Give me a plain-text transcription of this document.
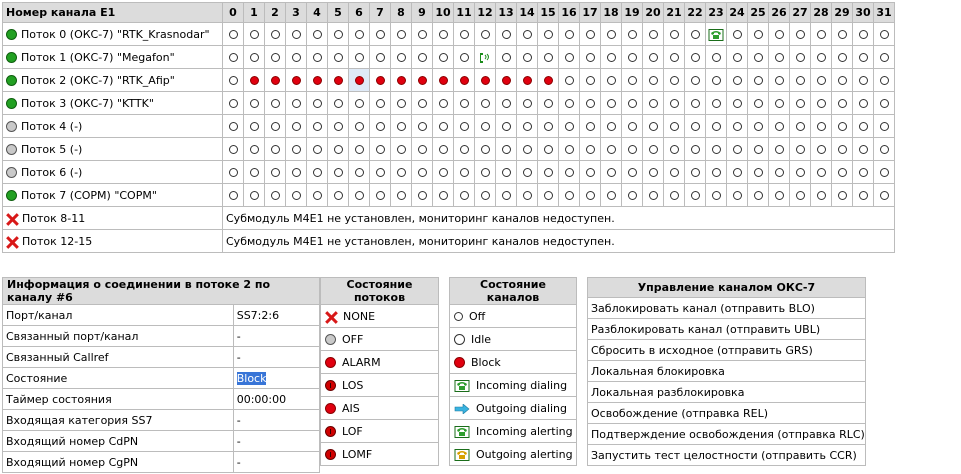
Номер канала E1	0	1	2	3	4	5	6	7	8	9	10	11	12	13	14	15	16	17	18	19	20	21	22	23	24	25	26	27	28	29	30	31
Поток 0 (ОКС-7) "RTK_Krasnodar"																																
Поток 1 (ОКС-7) "Megafon"																																
Поток 2 (ОКС-7) "RTK_Afip"																																
Поток 3 (ОКС-7) "KTTK"																																
Поток 4 (-)																																
Поток 5 (-)																																
Поток 6 (-)																																
Поток 7 (СОРМ) "СОРМ"																																
Поток 8-11	Субмодуль M4E1 не установлен, мониторинг каналов недоступен.																															
Поток 12-15	Субмодуль M4E1 не установлен, мониторинг каналов недоступен.																															
Информация о соединении в потоке 2 по каналу #6	
Порт/канал	SS7:2:6
Связанный порт/канал	-
Связанный Callref	-
Состояние	Block
Таймер состояния	00:00:00
Входящая категория SS7	-
Входящий номер CdPN	-
Входящий номер CgPN	-
Состояние потоков
NONE
OFF
ALARM
LOS
AIS
LOF
LOMF
Состояние каналов
Off
Idle
Block
Incoming dialing
Outgoing dialing
Incoming alerting
Outgoing alerting
Управление каналом ОКС-7
Заблокировать канал (отправить BLO)
Разблокировать канал (отправить UBL)
Сбросить в исходное (отправить GRS)
Локальная блокировка
Локальная разблокировка
Освобождение (отправка REL)
Подтверждение освобождения (отправка RLC)
Запустить тест целостности (отправить CCR)
